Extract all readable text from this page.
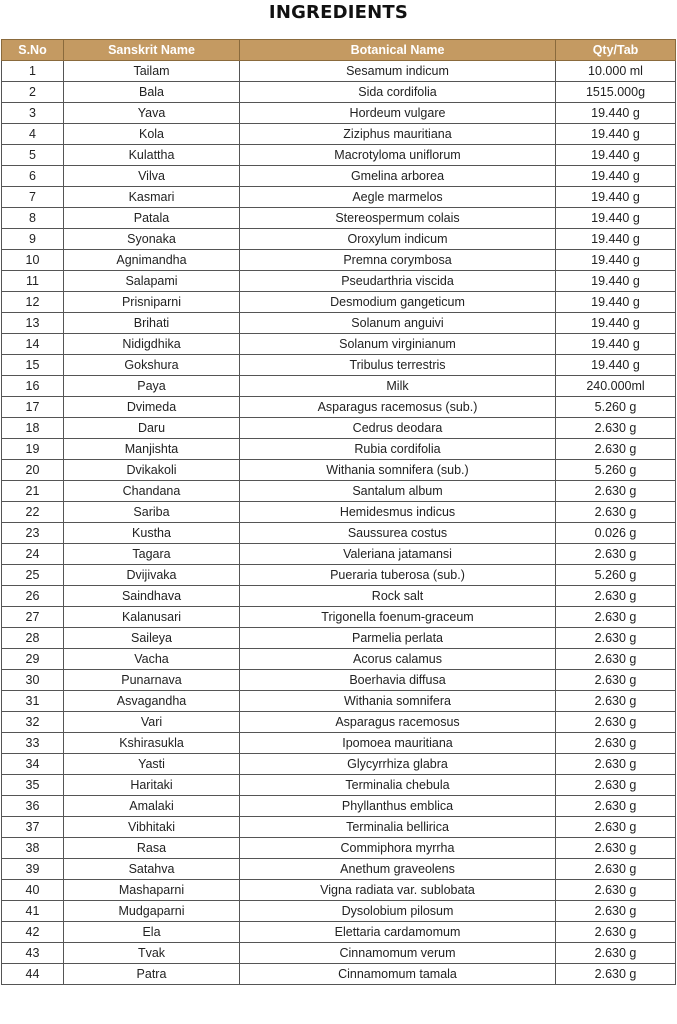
INGREDIENTS
S.No	Sanskrit Name	Botanical Name	Qty/Tab
1	Tailam	Sesamum indicum	10.000 ml
2	Bala	Sida cordifolia	1515.000g
3	Yava	Hordeum vulgare	19.440 g
4	Kola	Ziziphus mauritiana	19.440 g
5	Kulattha	Macrotyloma uniflorum	19.440 g
6	Vilva	Gmelina arborea	19.440 g
7	Kasmari	Aegle marmelos	19.440 g
8	Patala	Stereospermum colais	19.440 g
9	Syonaka	Oroxylum indicum	19.440 g
10	Agnimandha	Premna corymbosa	19.440 g
11	Salapami	Pseudarthria viscida	19.440 g
12	Prisniparni	Desmodium gangeticum	19.440 g
13	Brihati	Solanum anguivi	19.440 g
14	Nidigdhika	Solanum virginianum	19.440 g
15	Gokshura	Tribulus terrestris	19.440 g
16	Paya	Milk	240.000ml
17	Dvimeda	Asparagus racemosus (sub.)	5.260 g
18	Daru	Cedrus deodara	2.630 g
19	Manjishta	Rubia cordifolia	2.630 g
20	Dvikakoli	Withania somnifera (sub.)	5.260 g
21	Chandana	Santalum album	2.630 g
22	Sariba	Hemidesmus indicus	2.630 g
23	Kustha	Saussurea costus	0.026 g
24	Tagara	Valeriana jatamansi	2.630 g
25	Dvijivaka	Pueraria tuberosa (sub.)	5.260 g
26	Saindhava	Rock salt	2.630 g
27	Kalanusari	Trigonella foenum-graceum	2.630 g
28	Saileya	Parmelia perlata	2.630 g
29	Vacha	Acorus calamus	2.630 g
30	Punarnava	Boerhavia diffusa	2.630 g
31	Asvagandha	Withania somnifera	2.630 g
32	Vari	Asparagus racemosus	2.630 g
33	Kshirasukla	Ipomoea mauritiana	2.630 g
34	Yasti	Glycyrrhiza glabra	2.630 g
35	Haritaki	Terminalia chebula	2.630 g
36	Amalaki	Phyllanthus emblica	2.630 g
37	Vibhitaki	Terminalia bellirica	2.630 g
38	Rasa	Commiphora myrrha	2.630 g
39	Satahva	Anethum graveolens	2.630 g
40	Mashaparni	Vigna radiata var. sublobata	2.630 g
41	Mudgaparni	Dysolobium pilosum	2.630 g
42	Ela	Elettaria cardamomum	2.630 g
43	Tvak	Cinnamomum verum	2.630 g
44	Patra	Cinnamomum tamala	2.630 g
